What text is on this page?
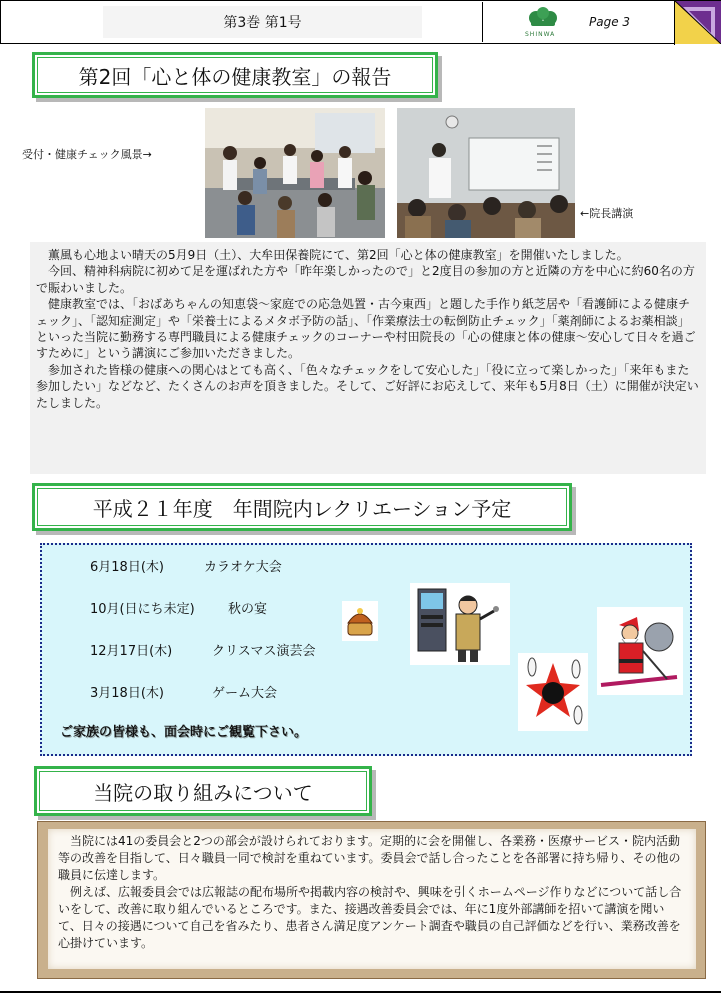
第3巻 第1号
SHINWA
Page 3
第2回「心と体の健康教室」の報告
受付・健康チェック風景→
←院長講演

薫風も心地よい晴天の5月9日（土）、大牟田保養院にて、第2回「心と体の健康教室」を開催いたしました。

今回、精神科病院に初めて足を運ばれた方や「昨年楽しかったので」と2度目の参加の方と近隣の方を中心に約60名の方で賑わいました。

健康教室では、「おばあちゃんの知恵袋～家庭での応急処置・古今東西」と題した手作り紙芝居や「看護師による健康チェック」、「認知症測定」や「栄養士によるメタボ予防の話」、「作業療法士の転倒防止チェック」「薬剤師によるお薬相談」といった当院に勤務する専門職員による健康チェックのコーナーや村田院長の「心の健康と体の健康～安心して日々を過ごすために」という講演にご参加いただきました。

参加された皆様の健康への関心はとても高く、「色々なチェックをして安心した」「役に立って楽しかった」「来年もまた参加したい」などなど、たくさんのお声を頂きました。そして、ご好評にお応えして、来年も5月8日（土）に開催が決定いたしました。

平成２１年度　年間院内レクリエーション予定
6月18日(木)	カラオケ大会
10月(日にち未定)	秋の宴
12月17日(木)	クリスマス演芸会
3月18日(木)	ゲーム大会
ご家族の皆様も、面会時にご観覧下さい。
当院の取り組みについて

当院には41の委員会と2つの部会が設けられております。定期的に会を開催し、各業務・医療サービス・院内活動等の改善を目指して、日々職員一同で検討を重ねています。委員会で話し合ったことを各部署に持ち帰り、その他の職員に伝達します。

例えば、広報委員会では広報誌の配布場所や掲載内容の検討や、興味を引くホームページ作りなどについて話し合いをして、改善に取り組んでいるところです。また、接遇改善委員会では、年に1度外部講師を招いて講演を聞いて、日々の接遇について自己を省みたり、患者さん満足度アンケート調査や職員の自己評価などを行い、業務改善を心掛けています。
